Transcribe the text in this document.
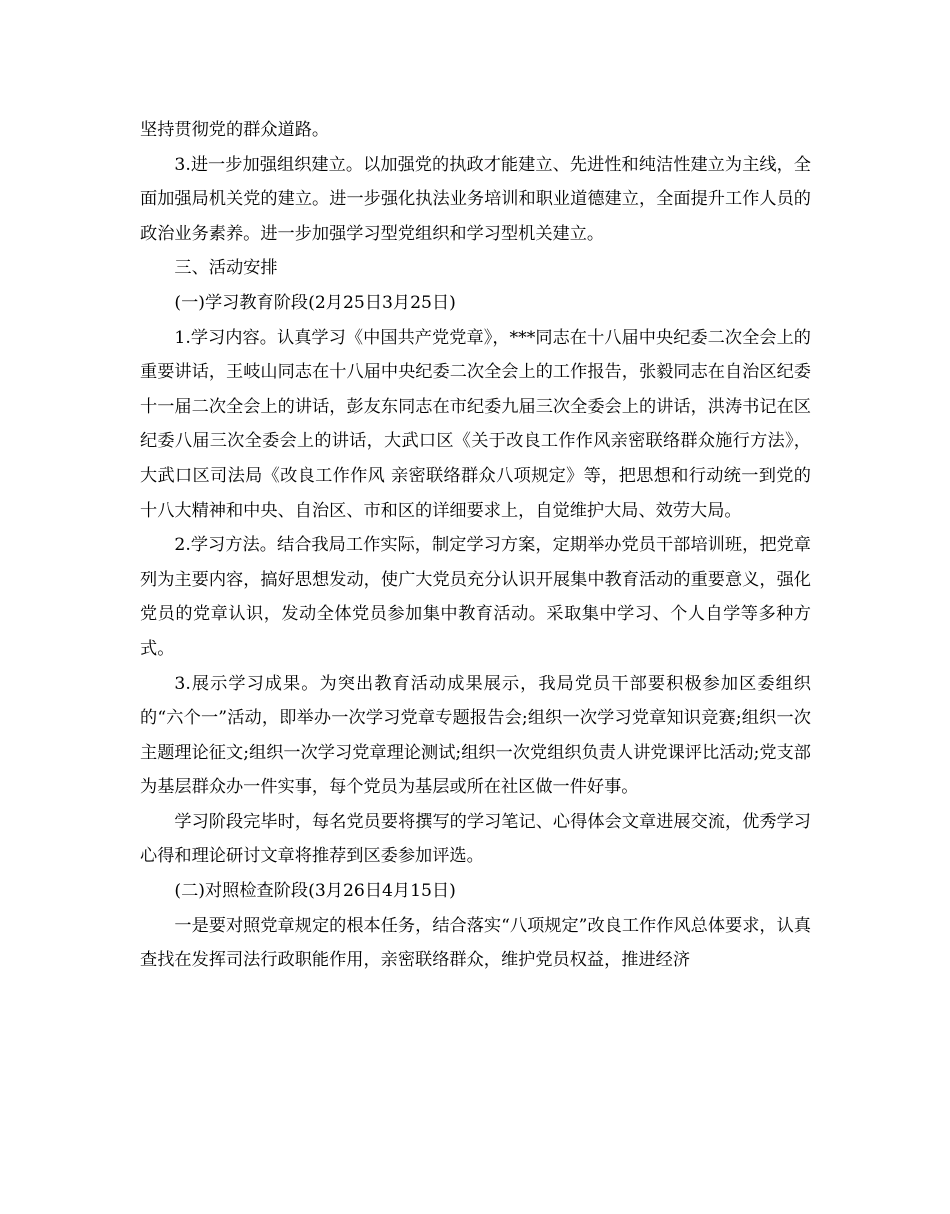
坚持贯彻党的群众道路。

3.进一步加强组织建立。以加强党的执政才能建立、先进性和纯洁性建立为主线，全面加强局机关党的建立。进一步强化执法业务培训和职业道德建立，全面提升工作人员的政治业务素养。进一步加强学习型党组织和学习型机关建立。

三、活动安排

(一)学习教育阶段(2月25日3月25日)

1.学习内容。认真学习《中国共产党党章》，***同志在十八届中央纪委二次全会上的重要讲话，王岐山同志在十八届中央纪委二次全会上的工作报告，张毅同志在自治区纪委十一届二次全会上的讲话，彭友东同志在市纪委九届三次全委会上的讲话，洪涛书记在区纪委八届三次全委会上的讲话，大武口区《关于改良工作作风亲密联络群众施行方法》，大武口区司法局《改良工作作风 亲密联络群众八项规定》等，把思想和行动统一到党的十八大精神和中央、自治区、市和区的详细要求上，自觉维护大局、效劳大局。

2.学习方法。结合我局工作实际，制定学习方案，定期举办党员干部培训班，把党章列为主要内容，搞好思想发动，使广大党员充分认识开展集中教育活动的重要意义，强化党员的党章认识，发动全体党员参加集中教育活动。采取集中学习、个人自学等多种方式。

3.展示学习成果。为突出教育活动成果展示，我局党员干部要积极参加区委组织的“六个一”活动，即举办一次学习党章专题报告会;组织一次学习党章知识竞赛;组织一次主题理论征文;组织一次学习党章理论测试;组织一次党组织负责人讲党课评比活动;党支部为基层群众办一件实事，每个党员为基层或所在社区做一件好事。

学习阶段完毕时，每名党员要将撰写的学习笔记、心得体会文章进展交流，优秀学习心得和理论研讨文章将推荐到区委参加评选。

(二)对照检查阶段(3月26日4月15日)

一是要对照党章规定的根本任务，结合落实“八项规定”改良工作作风总体要求，认真查找在发挥司法行政职能作用，亲密联络群众，维护党员权益，推进经济
